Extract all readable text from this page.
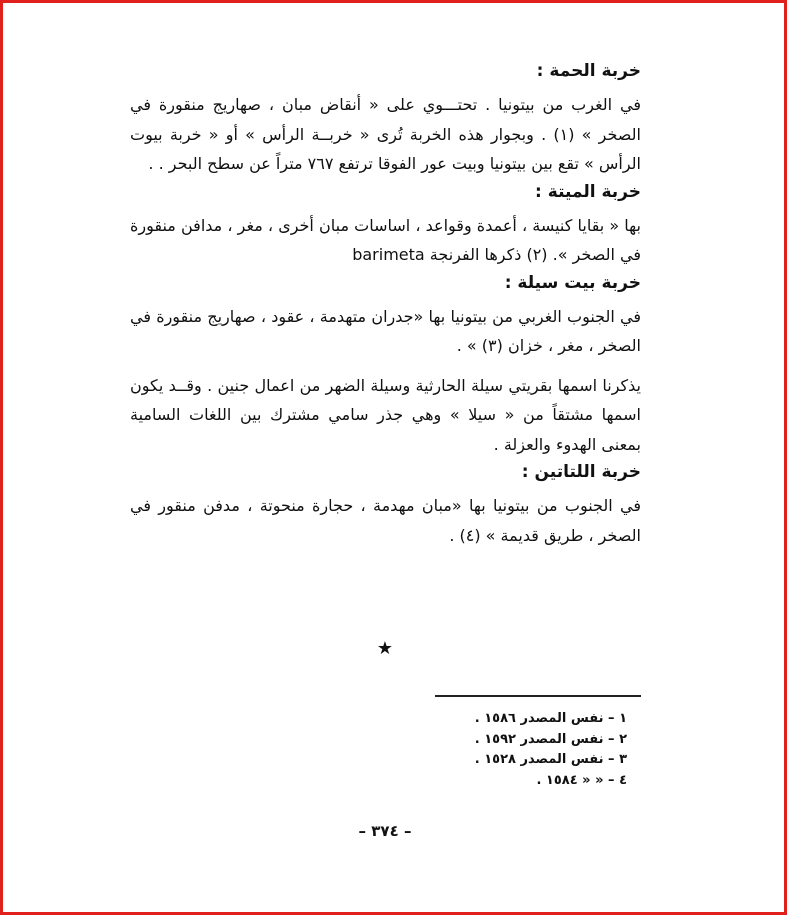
خربة الحمة :

في الغرب من بيتونيا . تحتـــوي على « أنقاض مبان ، صهاريج منقورة في الصخر » (١) . وبجوار هذه الخربة تُرى « خربــة الرأس » أو « خربة بيوت الرأس » تقع بين بيتونيا وبيت عور الفوقا ترتفع ٧٦٧ متراً عن سطح البحر . .

خربة الميتة :

بها « بقايا كنيسة ، أعمدة وقواعد ، اساسات مبان أخرى ، مغر ، مدافن منقورة في الصخر ». (٢) ذكرها الفرنجة barimeta

خربة بيت سيلة :

في الجنوب الغربي من بيتونيا بها «جدران متهدمة ، عقود ، صهاريج منقورة في الصخر ، مغر ، خزان (٣) » .

يذكرنا اسمها بقريتي سيلة الحارثية وسيلة الضهر من اعمال جنين . وقــد يكون اسمها مشتقاً من « سيلا » وهي جذر سامي مشترك بين اللغات السامية بمعنى الهدوء والعزلة .

خربة اللتاتين :

في الجنوب من بيتونيا بها «مبان مهدمة ، حجارة منحوتة ، مدفن منقور في الصخر ، طريق قديمة » (٤) .

★
١ – نفس المصدر ١٥٨٦ .
٢ – نفس المصدر ١٥٩٢ .
٣ – نفس المصدر ١٥٢٨ .
٤ – « « ١٥٨٤ .
– ٣٧٤ –
